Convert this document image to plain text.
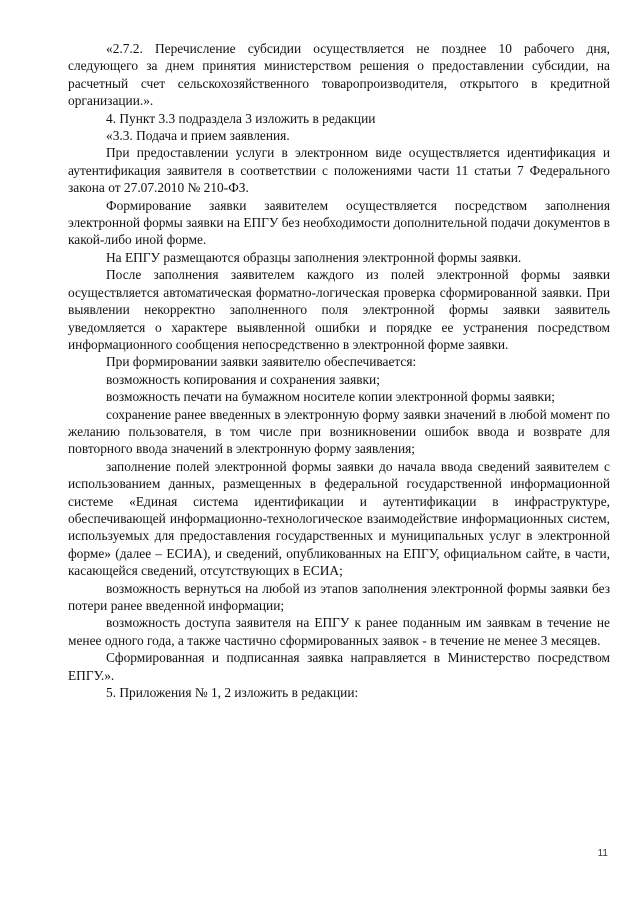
«2.7.2. Перечисление субсидии осуществляется не позднее 10 рабочего дня, следующего за днем принятия министерством решения о предоставлении субсидии, на расчетный счет сельскохозяйственного товаропроизводителя, открытого в кредитной организации.».

4. Пункт 3.3 подраздела 3 изложить в редакции

«3.3. Подача и прием заявления.

При предоставлении услуги в электронном виде осуществляется идентификация и аутентификация заявителя в соответствии с положениями части 11 статьи 7 Федерального закона от 27.07.2010 № 210-ФЗ.

Формирование заявки заявителем осуществляется посредством заполнения электронной формы заявки на ЕПГУ без необходимости дополнительной подачи документов в какой-либо иной форме.

На ЕПГУ размещаются образцы заполнения электронной формы заявки.

После заполнения заявителем каждого из полей электронной формы заявки осуществляется автоматическая форматно-логическая проверка сформированной заявки. При выявлении некорректно заполненного поля электронной формы заявки заявитель уведомляется о характере выявленной ошибки и порядке ее устранения посредством информационного сообщения непосредственно в электронной форме заявки.

При формировании заявки заявителю обеспечивается:

возможность копирования и сохранения заявки;

возможность печати на бумажном носителе копии электронной формы заявки;

сохранение ранее введенных в электронную форму заявки значений в любой момент по желанию пользователя, в том числе при возникновении ошибок ввода и возврате для повторного ввода значений в электронную форму заявления;

заполнение полей электронной формы заявки до начала ввода сведений заявителем с использованием данных, размещенных в федеральной государственной информационной системе «Единая система идентификации и аутентификации в инфраструктуре, обеспечивающей информационно-технологическое взаимодействие информационных систем, используемых для предоставления государственных и муниципальных услуг в электронной форме» (далее – ЕСИА), и сведений, опубликованных на ЕПГУ, официальном сайте, в части, касающейся сведений, отсутствующих в ЕСИА;

возможность вернуться на любой из этапов заполнения электронной формы заявки без потери ранее введенной информации;

возможность доступа заявителя на ЕПГУ к ранее поданным им заявкам в течение не менее одного года, а также частично сформированных заявок - в течение не менее 3 месяцев.

Сформированная и подписанная заявка направляется в Министерство посредством ЕПГУ.».

5. Приложения № 1, 2 изложить в редакции:

11
